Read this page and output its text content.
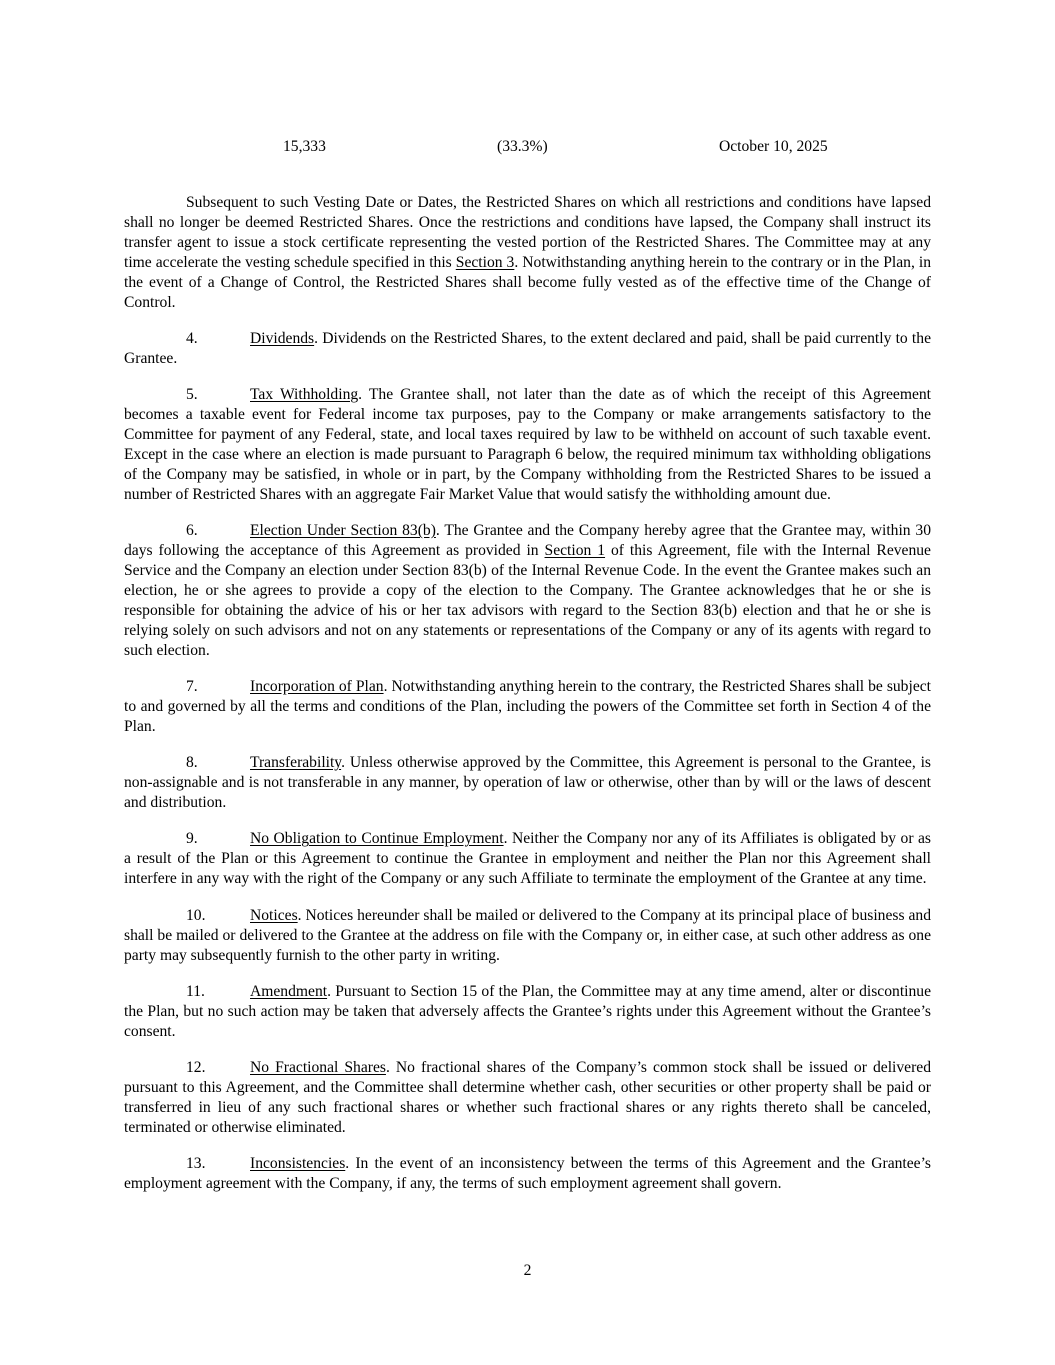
15,333	(33.3%)	October 10, 2025

Subsequent to such Vesting Date or Dates, the Restricted Shares on which all restrictions and conditions have lapsed shall no longer be deemed Restricted Shares. Once the restrictions and conditions have lapsed, the Company shall instruct its transfer agent to issue a stock certificate representing the vested portion of the Restricted Shares. The Committee may at any time accelerate the vesting schedule specified in this Section 3. Notwithstanding anything herein to the contrary or in the Plan, in the event of a Change of Control, the Restricted Shares shall become fully vested as of the effective time of the Change of Control.

4.	Dividends. Dividends on the Restricted Shares, to the extent declared and paid, shall be paid currently to the Grantee.

5.	Tax Withholding. The Grantee shall, not later than the date as of which the receipt of this Agreement becomes a taxable event for Federal income tax purposes, pay to the Company or make arrangements satisfactory to the Committee for payment of any Federal, state, and local taxes required by law to be withheld on account of such taxable event. Except in the case where an election is made pursuant to Paragraph 6 below, the required minimum tax withholding obligations of the Company may be satisfied, in whole or in part, by the Company withholding from the Restricted Shares to be issued a number of Restricted Shares with an aggregate Fair Market Value that would satisfy the withholding amount due.

6.	Election Under Section 83(b). The Grantee and the Company hereby agree that the Grantee may, within 30 days following the acceptance of this Agreement as provided in Section 1 of this Agreement, file with the Internal Revenue Service and the Company an election under Section 83(b) of the Internal Revenue Code. In the event the Grantee makes such an election, he or she agrees to provide a copy of the election to the Company. The Grantee acknowledges that he or she is responsible for obtaining the advice of his or her tax advisors with regard to the Section 83(b) election and that he or she is relying solely on such advisors and not on any statements or representations of the Company or any of its agents with regard to such election.

7.	Incorporation of Plan. Notwithstanding anything herein to the contrary, the Restricted Shares shall be subject to and governed by all the terms and conditions of the Plan, including the powers of the Committee set forth in Section 4 of the Plan.

8.	Transferability. Unless otherwise approved by the Committee, this Agreement is personal to the Grantee, is non-assignable and is not transferable in any manner, by operation of law or otherwise, other than by will or the laws of descent and distribution.

9.	No Obligation to Continue Employment. Neither the Company nor any of its Affiliates is obligated by or as a result of the Plan or this Agreement to continue the Grantee in employment and neither the Plan nor this Agreement shall interfere in any way with the right of the Company or any such Affiliate to terminate the employment of the Grantee at any time.

10.	Notices. Notices hereunder shall be mailed or delivered to the Company at its principal place of business and shall be mailed or delivered to the Grantee at the address on file with the Company or, in either case, at such other address as one party may subsequently furnish to the other party in writing.

11.	Amendment. Pursuant to Section 15 of the Plan, the Committee may at any time amend, alter or discontinue the Plan, but no such action may be taken that adversely affects the Grantee’s rights under this Agreement without the Grantee’s consent.

12.	No Fractional Shares. No fractional shares of the Company’s common stock shall be issued or delivered pursuant to this Agreement, and the Committee shall determine whether cash, other securities or other property shall be paid or transferred in lieu of any such fractional shares or whether such fractional shares or any rights thereto shall be canceled, terminated or otherwise eliminated.

13.	Inconsistencies. In the event of an inconsistency between the terms of this Agreement and the Grantee’s employment agreement with the Company, if any, the terms of such employment agreement shall govern.

2
